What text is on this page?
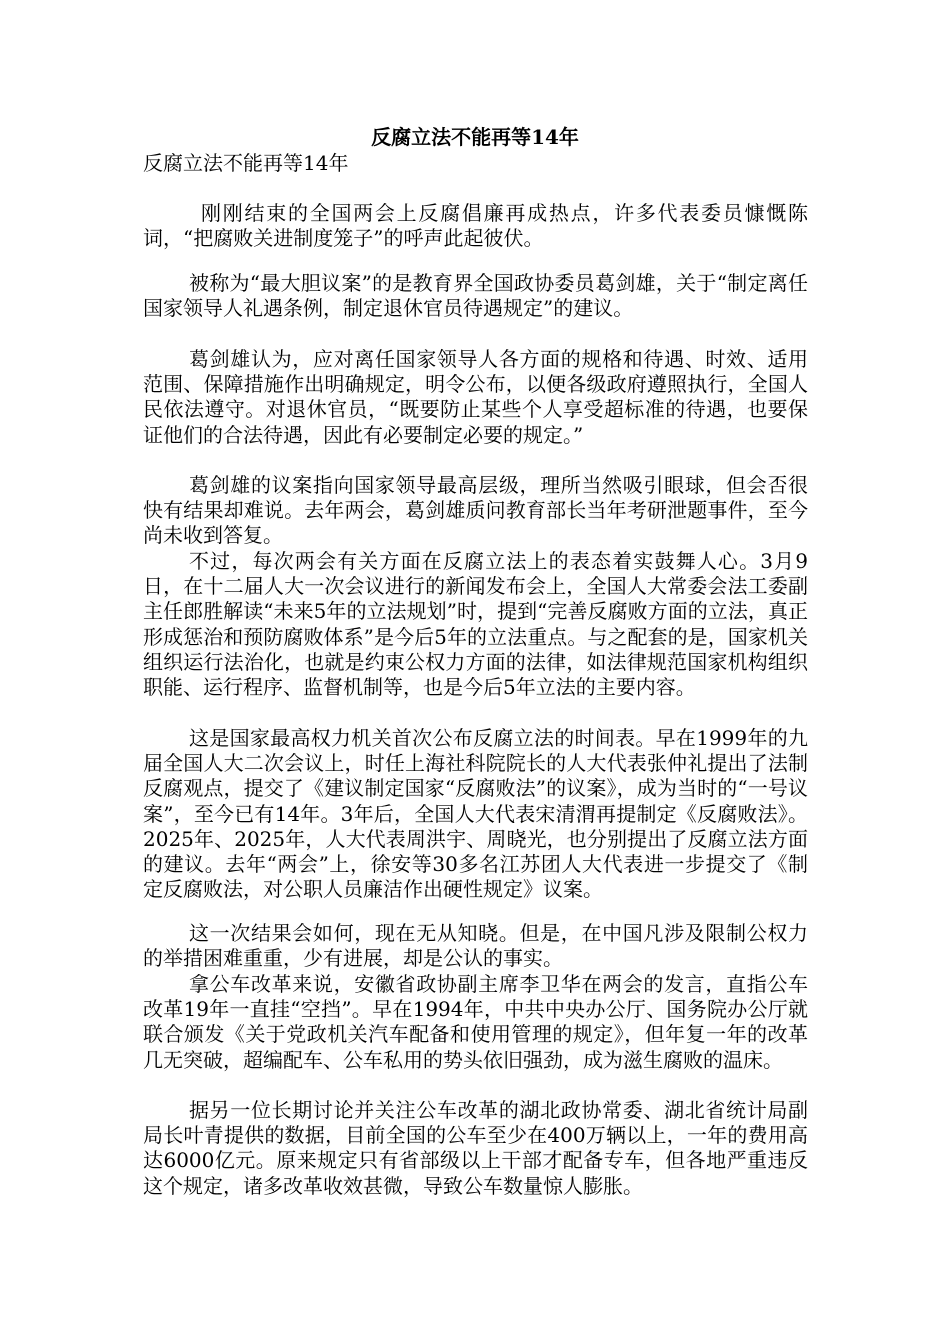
反腐立法不能再等14年
反腐立法不能再等14年

刚刚结束的全国两会上反腐倡廉再成热点，许多代表委员慷慨陈词，“把腐败关进制度笼子”的呼声此起彼伏。

被称为“最大胆议案”的是教育界全国政协委员葛剑雄，关于“制定离任国家领导人礼遇条例，制定退休官员待遇规定”的建议。

葛剑雄认为，应对离任国家领导人各方面的规格和待遇、时效、适用范围、保障措施作出明确规定，明令公布，以便各级政府遵照执行，全国人民依法遵守。对退休官员，“既要防止某些个人享受超标准的待遇，也要保证他们的合法待遇，因此有必要制定必要的规定。”

葛剑雄的议案指向国家领导最高层级，理所当然吸引眼球，但会否很快有结果却难说。去年两会，葛剑雄质问教育部长当年考研泄题事件，至今尚未收到答复。

不过，每次两会有关方面在反腐立法上的表态着实鼓舞人心。3月9日，在十二届人大一次会议进行的新闻发布会上，全国人大常委会法工委副主任郎胜解读“未来5年的立法规划”时，提到“完善反腐败方面的立法，真正形成惩治和预防腐败体系”是今后5年的立法重点。与之配套的是，国家机关组织运行法治化，也就是约束公权力方面的法律，如法律规范国家机构组织职能、运行程序、监督机制等，也是今后5年立法的主要内容。

这是国家最高权力机关首次公布反腐立法的时间表。早在1999年的九届全国人大二次会议上，时任上海社科院院长的人大代表张仲礼提出了法制反腐观点，提交了《建议制定国家“反腐败法”的议案》，成为当时的“一号议案”，至今已有14年。3年后，全国人大代表宋清渭再提制定《反腐败法》。2025年、2025年，人大代表周洪宇、周晓光，也分别提出了反腐立法方面的建议。去年“两会”上，徐安等30多名江苏团人大代表进一步提交了《制定反腐败法，对公职人员廉洁作出硬性规定》议案。

这一次结果会如何，现在无从知晓。但是，在中国凡涉及限制公权力的举措困难重重，少有进展，却是公认的事实。

拿公车改革来说，安徽省政协副主席李卫华在两会的发言，直指公车改革19年一直挂“空挡”。早在1994年，中共中央办公厅、国务院办公厅就联合颁发《关于党政机关汽车配备和使用管理的规定》，但年复一年的改革几无突破，超编配车、公车私用的势头依旧强劲，成为滋生腐败的温床。

据另一位长期讨论并关注公车改革的湖北政协常委、湖北省统计局副局长叶青提供的数据，目前全国的公车至少在400万辆以上，一年的费用高达6000亿元。原来规定只有省部级以上干部才配备专车，但各地严重违反这个规定，诸多改革收效甚微，导致公车数量惊人膨胀。
